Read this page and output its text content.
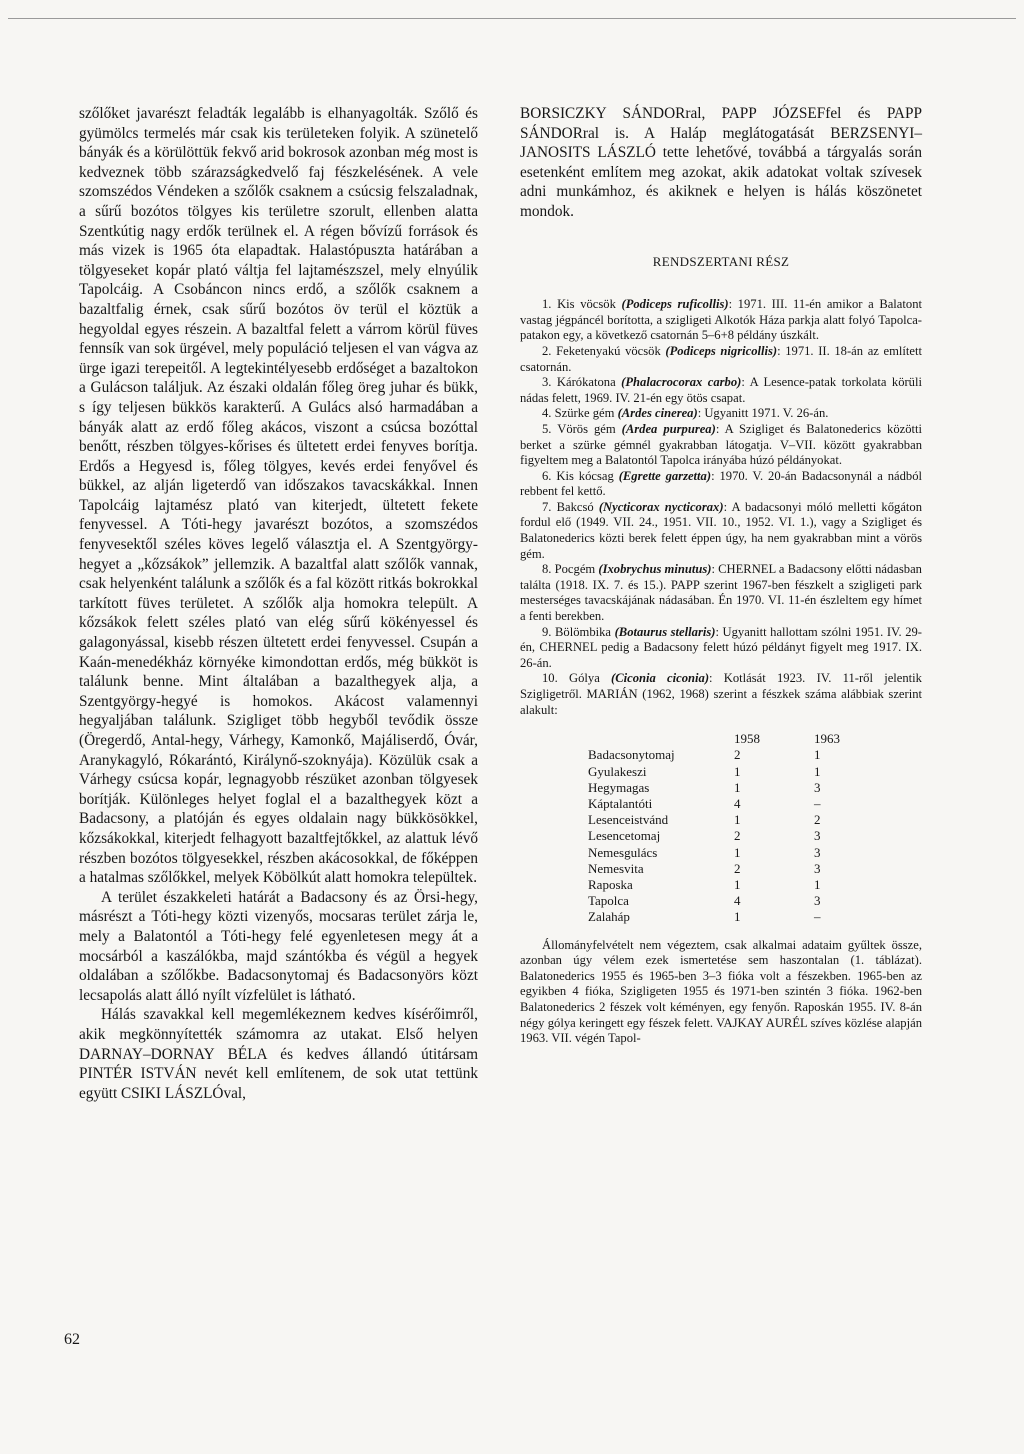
szőlőket javarészt feladták legalább is elhanyagolták. Szőlő és gyümölcs termelés már csak kis területeken folyik. A szünetelő bányák és a körülöttük fekvő arid bokrosok azonban még most is kedveznek több szárazságkedvelő faj fészkelésének. A vele szomszédos Véndeken a szőlők csaknem a csúcsig felszaladnak, a sűrű bozótos tölgyes kis területre szorult, ellenben alatta Szentkútig nagy erdők terülnek el. A régen bővízű források és más vizek is 1965 óta elapadtak. Halastópuszta határában a tölgyeseket kopár plató váltja fel lajtamészszel, mely elnyúlik Tapolcáig. A Csobáncon nincs erdő, a szőlők csaknem a bazaltfalig érnek, csak sűrű bozótos öv terül el köztük a hegyoldal egyes részein. A bazaltfal felett a várrom körül füves fennsík van sok ürgével, mely populáció teljesen el van vágva az ürge igazi terepeitől. A legtekintélyesebb erdőséget a bazaltokon a Gulácson találjuk. Az északi oldalán főleg öreg juhar és bükk, s így teljesen bükkös karakterű. A Gulács alsó harmadában a bányák alatt az erdő főleg akácos, viszont a csúcsa bozóttal benőtt, részben tölgyes-kőrises és ültetett erdei fenyves borítja. Erdős a Hegyesd is, főleg tölgyes, kevés erdei fenyővel és bükkel, az alján ligeterdő van időszakos tavacskákkal. Innen Tapolcáig lajtamész plató van kiterjedt, ültetett fekete fenyvessel. A Tóti-hegy javarészt bozótos, a szomszédos fenyvesektől széles köves legelő választja el. A Szentgyörgy-hegyet a „kőzsákok” jellemzik. A bazaltfal alatt szőlők vannak, csak helyenként találunk a szőlők és a fal között ritkás bokrokkal tarkított füves területet. A szőlők alja homokra települt. A kőzsákok felett széles plató van elég sűrű kökényessel és galagonyással, kisebb részen ültetett erdei fenyvessel. Csupán a Kaán-menedékház környéke kimondottan erdős, még bükköt is találunk benne. Mint általában a bazalthegyek alja, a Szentgyörgy-hegyé is homokos. Akácost valamennyi hegyaljában találunk. Szigliget több hegyből tevődik össze (Öregerdő, Antal-hegy, Várhegy, Kamonkő, Majáliserdő, Óvár, Aranykagyló, Rókarántó, Királynő-szoknyája). Közülük csak a Várhegy csúcsa kopár, legnagyobb részüket azonban tölgyesek borítják. Különleges helyet foglal el a bazalthegyek közt a Badacsony, a platóján és egyes oldalain nagy bükkösökkel, kőzsákokkal, kiterjedt felhagyott bazaltfejtőkkel, az alattuk lévő részben bozótos tölgyesekkel, részben akácosokkal, de főképpen a hatalmas szőlőkkel, melyek Köbölkút alatt homokra települtek.

A terület északkeleti határát a Badacsony és az Örsi-hegy, másrészt a Tóti-hegy közti vizenyős, mocsaras terület zárja le, mely a Balatontól a Tóti-hegy felé egyenletesen megy át a mocsárból a kaszálókba, majd szántókba és végül a hegyek oldalában a szőlőkbe. Badacsonytomaj és Badacsonyörs közt lecsapolás alatt álló nyílt vízfelület is látható.

Hálás szavakkal kell megemlékeznem kedves kísérőimről, akik megkönnyítették számomra az utakat. Első helyen DARNAY–DORNAY BÉLA és kedves állandó útitársam PINTÉR ISTVÁN nevét kell említenem, de sok utat tettünk együtt CSIKI LÁSZLÓval,

BORSICZKY SÁNDORral, PAPP JÓZSEFfel és PAPP SÁNDORral is. A Haláp meglátogatását BERZSENYI–JANOSITS LÁSZLÓ tette lehetővé, továbbá a tárgyalás során esetenként említem meg azokat, akik adatokat voltak szívesek adni munkámhoz, és akiknek e helyen is hálás köszönetet mondok.

RENDSZERTANI RÉSZ

1. Kis vöcsök (Podiceps ruficollis): 1971. III. 11-én amikor a Balatont vastag jégpáncél borította, a szigligeti Alkotók Háza parkja alatt folyó Tapolca-patakon egy, a következő csatornán 5–6+8 példány úszkált.

2. Feketenyakú vöcsök (Podiceps nigricollis): 1971. II. 18-án az említett csatornán.

3. Kárókatona (Phalacrocorax carbo): A Lesence-patak torkolata körüli nádas felett, 1969. IV. 21-én egy ötös csapat.

4. Szürke gém (Ardes cinerea): Ugyanitt 1971. V. 26-án.

5. Vörös gém (Ardea purpurea): A Szigliget és Balatonederics közötti berket a szürke gémnél gyakrabban látogatja. V–VII. között gyakrabban figyeltem meg a Balatontól Tapolca irányába húzó példányokat.

6. Kis kócsag (Egrette garzetta): 1970. V. 20-án Badacsonynál a nádból rebbent fel kettő.

7. Bakcsó (Nycticorax nycticorax): A badacsonyi móló melletti kőgáton fordul elő (1949. VII. 24., 1951. VII. 10., 1952. VI. 1.), vagy a Szigliget és Balatonederics közti berek felett éppen úgy, ha nem gyakrabban mint a vörös gém.

8. Pocgém (Ixobrychus minutus): CHERNEL a Badacsony előtti nádasban találta (1918. IX. 7. és 15.). PAPP szerint 1967-ben fészkelt a szigligeti park mesterséges tavacskájának nádasában. Én 1970. VI. 11-én észleltem egy hímet a fenti berekben.

9. Bölömbika (Botaurus stellaris): Ugyanitt hallottam szólni 1951. IV. 29-én, CHERNEL pedig a Badacsony felett húzó példányt figyelt meg 1917. IX. 26-án.

10. Gólya (Ciconia ciconia): Kotlását 1923. IV. 11-ről jelentik Szigligetről. MARIÁN (1962, 1968) szerint a fészkek száma alábbiak szerint alakult:

	1958	1963
Badacsonytomaj	2	1
Gyulakeszi	1	1
Hegymagas	1	3
Káptalantóti	4	–
Lesenceistvánd	1	2
Lesencetomaj	2	3
Nemesgulács	1	3
Nemesvita	2	3
Raposka	1	1
Tapolca	4	3
Zalaháp	1	–

Állományfelvételt nem végeztem, csak alkalmai adataim gyűltek össze, azonban úgy vélem ezek ismertetése sem haszontalan (1. táblázat). Balatonederics 1955 és 1965-ben 3–3 fióka volt a fészekben. 1965-ben az egyikben 4 fióka, Szigligeten 1955 és 1971-ben szintén 3 fióka. 1962-ben Balatonederics 2 fészek volt kéményen, egy fenyőn. Raposkán 1955. IV. 8-án négy gólya keringett egy fészek felett. VAJKAY AURÉL szíves közlése alapján 1963. VII. végén Tapol-

62
